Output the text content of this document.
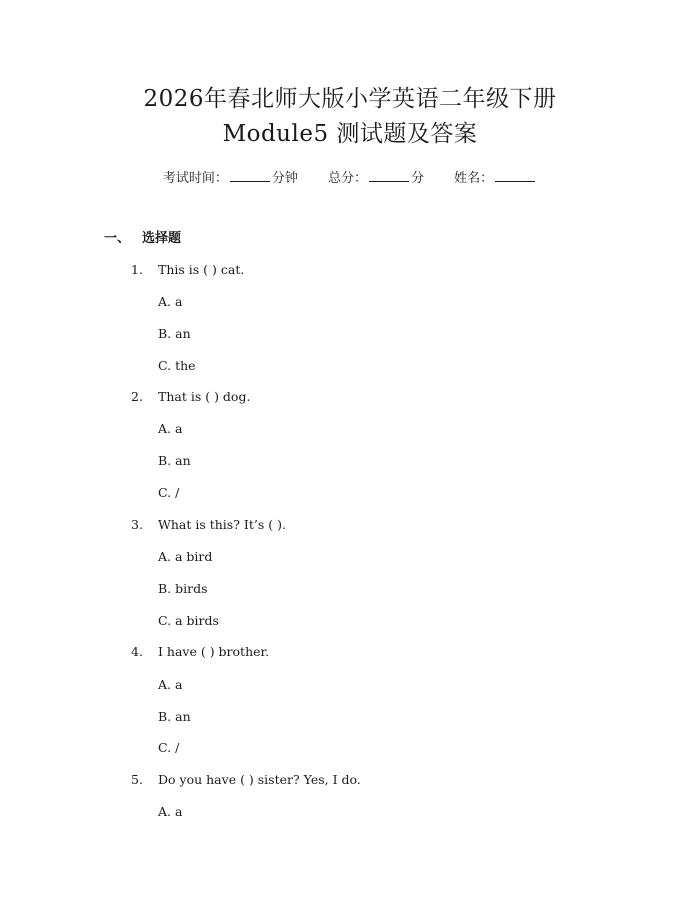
2026年春北师大版小学英语二年级下册
Module5 测试题及答案
考试时间：	分钟 总分：	分 姓名：
一、 选择题
1. This is ( ) cat.
A. a
B. an
C. the
2. That is ( ) dog.
A. a
B. an
C. /
3. What is this? It’s ( ).
A. a bird
B. birds
C. a birds
4. I have ( ) brother.
A. a
B. an
C. /
5. Do you have ( ) sister? Yes, I do.
A. a
